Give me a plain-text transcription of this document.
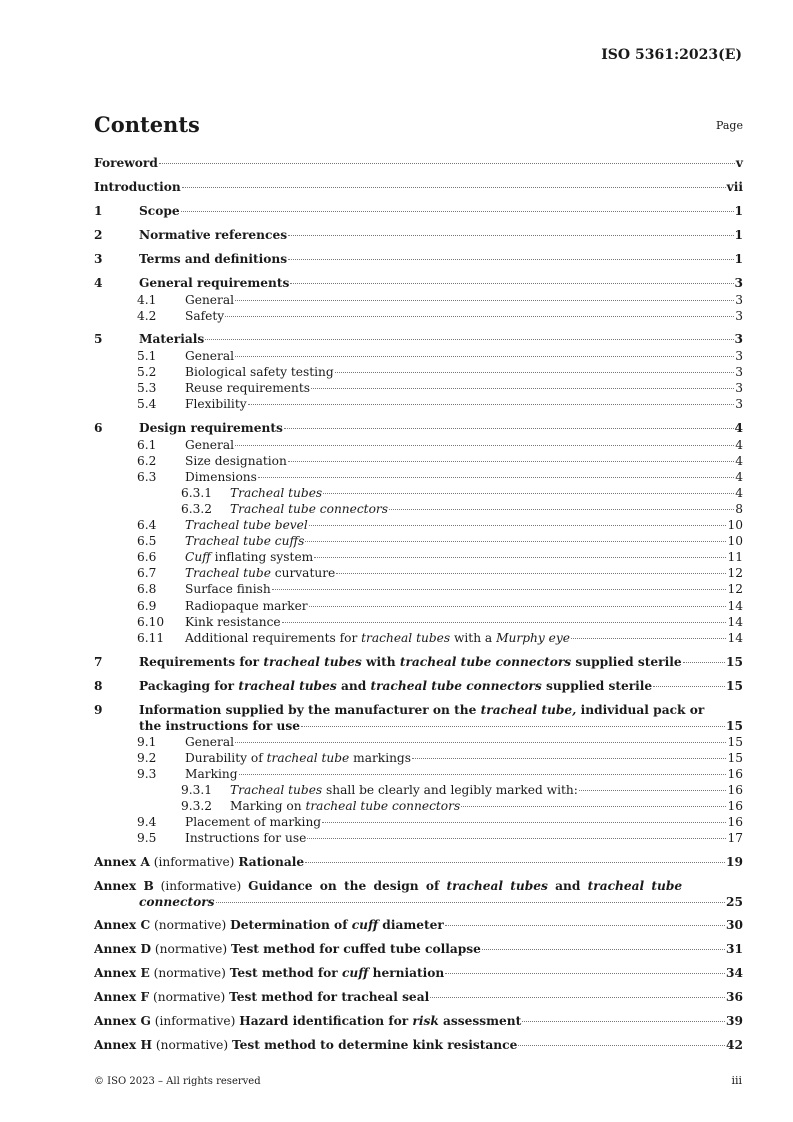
ISO 5361:2023(E)
Contents	Page
Foreword	v
Introduction	vii
1	Scope	1
2	Normative references	1
3	Terms and definitions	1
4	General requirements	3
4.1 General	3
4.2 Safety	3
5	Materials	3
5.1 General	3
5.2 Biological safety testing	3
5.3 Reuse requirements	3
5.4 Flexibility	3
6	Design requirements	4
6.1 General	4
6.2 Size designation	4
6.3 Dimensions	4
6.3.1 Tracheal tubes	4
6.3.2 Tracheal tube connectors	8
6.4 Tracheal tube bevel	10
6.5 Tracheal tube cuffs	10
6.6 Cuff inflating system	11
6.7 Tracheal tube curvature	12
6.8 Surface finish	12
6.9 Radiopaque marker	14
6.10 Kink resistance	14
6.11 Additional requirements for tracheal tubes with a Murphy eye	14
7	Requirements for tracheal tubes with tracheal tube connectors supplied sterile	15
8	Packaging for tracheal tubes and tracheal tube connectors supplied sterile	15
9	Information supplied by the manufacturer on the tracheal tube, individual pack or
the instructions for use	15
9.1 General	15
9.2 Durability of tracheal tube markings	15
9.3 Marking	16
9.3.1 Tracheal tubes shall be clearly and legibly marked with:	16
9.3.2 Marking on tracheal tube connectors	16
9.4 Placement of marking	16
9.5 Instructions for use	17
Annex A (informative) Rationale	19
Annex B (informative) Guidance on the design of tracheal tubes and tracheal tube
connectors	25
Annex C (normative) Determination of cuff diameter	30
Annex D (normative) Test method for cuffed tube collapse	31
Annex E (normative) Test method for cuff herniation	34
Annex F (normative) Test method for tracheal seal	36
Annex G (informative) Hazard identification for risk assessment	39
Annex H (normative) Test method to determine kink resistance	42
© ISO 2023 – All rights reserved	iii
